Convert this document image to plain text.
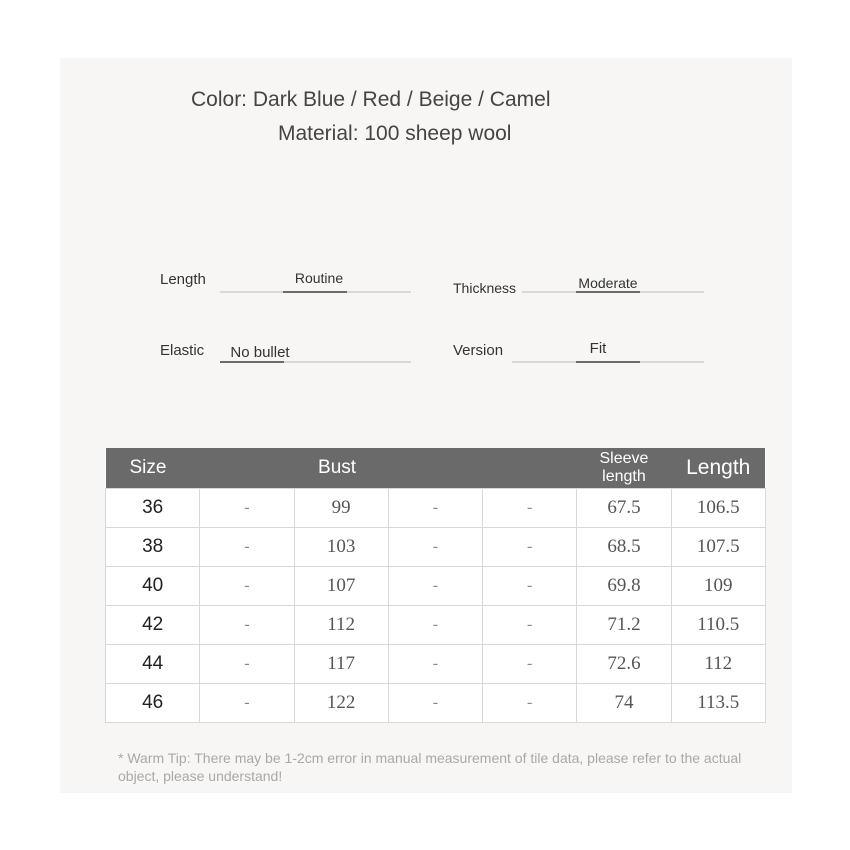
Color: Dark Blue / Red / Beige / Camel
Material: 100 sheep wool
Length	Routine
Thickness	Moderate
Elastic	No bullet	Version	Fit
Size		Bust			Sleeve length	Length
36	-	99	-	-	67.5	106.5
38	-	103	-	-	68.5	107.5
40	-	107	-	-	69.8	109
42	-	112	-	-	71.2	110.5
44	-	117	-	-	72.6	112
46	-	122	-	-	74	113.5
* Warm Tip: There may be 1-2cm error in manual measurement of tile data, please refer to the actual object, please understand!
